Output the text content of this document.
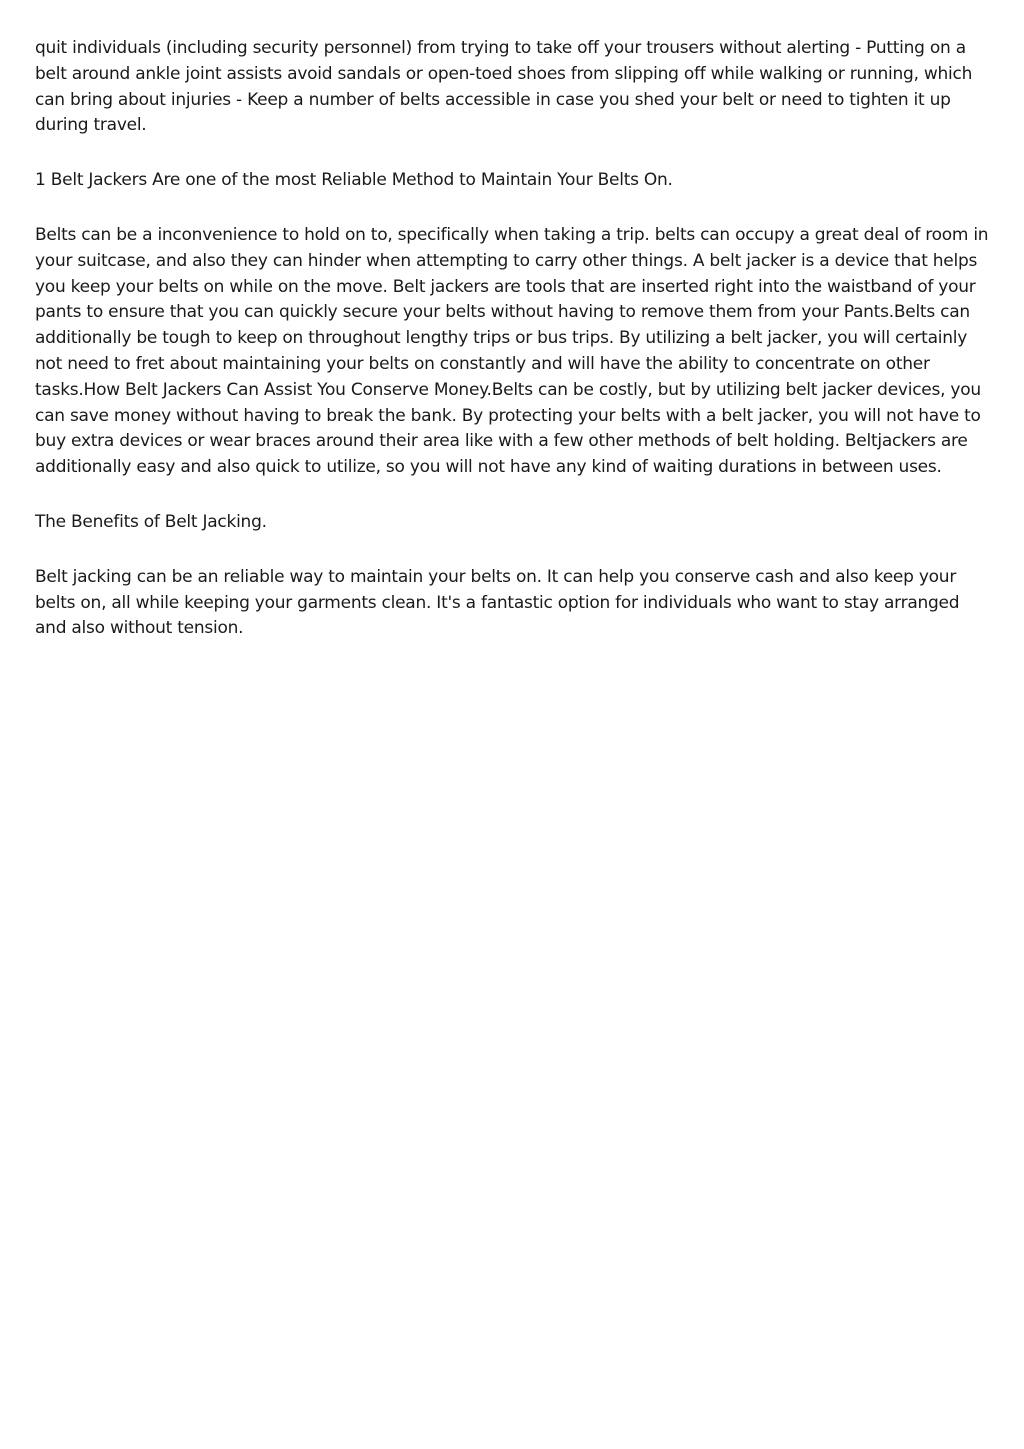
quit individuals (including security personnel) from trying to take off your trousers without alerting - Putting on a belt around ankle joint assists avoid sandals or open-toed shoes from slipping off while walking or running, which can bring about injuries - Keep a number of belts accessible in case you shed your belt or need to tighten it up during travel.

1 Belt Jackers Are one of the most Reliable Method to Maintain Your Belts On.

Belts can be a inconvenience to hold on to, specifically when taking a trip. belts can occupy a great deal of room in your suitcase, and also they can hinder when attempting to carry other things. A belt jacker is a device that helps you keep your belts on while on the move. Belt jackers are tools that are inserted right into the waistband of your pants to ensure that you can quickly secure your belts without having to remove them from your Pants.Belts can additionally be tough to keep on throughout lengthy trips or bus trips. By utilizing a belt jacker, you will certainly not need to fret about maintaining your belts on constantly and will have the ability to concentrate on other tasks.How Belt Jackers Can Assist You Conserve Money.Belts can be costly, but by utilizing belt jacker devices, you can save money without having to break the bank. By protecting your belts with a belt jacker, you will not have to buy extra devices or wear braces around their area like with a few other methods of belt holding. Beltjackers are additionally easy and also quick to utilize, so you will not have any kind of waiting durations in between uses.

The Benefits of Belt Jacking.

Belt jacking can be an reliable way to maintain your belts on. It can help you conserve cash and also keep your belts on, all while keeping your garments clean. It's a fantastic option for individuals who want to stay arranged and also without tension.
